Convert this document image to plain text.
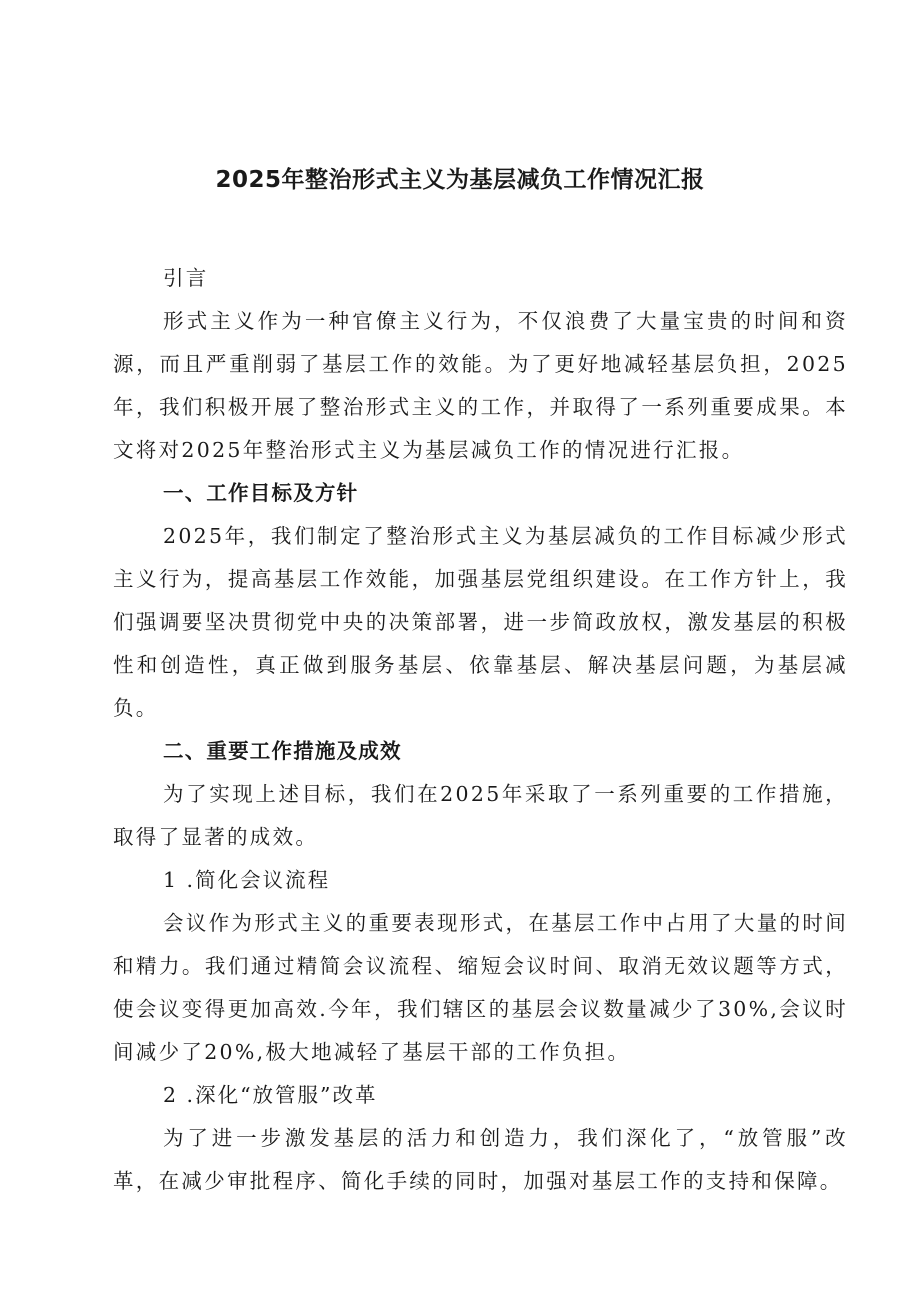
2025年整治形式主义为基层减负工作情况汇报

引言

形式主义作为一种官僚主义行为，不仅浪费了大量宝贵的时间和资源，而且严重削弱了基层工作的效能。为了更好地减轻基层负担，2025年，我们积极开展了整治形式主义的工作，并取得了一系列重要成果。本文将对2025年整治形式主义为基层减负工作的情况进行汇报。

一、工作目标及方针

2025年，我们制定了整治形式主义为基层减负的工作目标减少形式主义行为，提高基层工作效能，加强基层党组织建设。在工作方针上，我们强调要坚决贯彻党中央的决策部署，进一步简政放权，激发基层的积极性和创造性，真正做到服务基层、依靠基层、解决基层问题，为基层减负。

二、重要工作措施及成效

为了实现上述目标，我们在2025年采取了一系列重要的工作措施，取得了显著的成效。

1 .简化会议流程

会议作为形式主义的重要表现形式，在基层工作中占用了大量的时间和精力。我们通过精简会议流程、缩短会议时间、取消无效议题等方式，使会议变得更加高效.今年，我们辖区的基层会议数量减少了30%,会议时间减少了20%,极大地减轻了基层干部的工作负担。

2 .深化“放管服”改革

为了进一步激发基层的活力和创造力，我们深化了，“放管服”改革，在减少审批程序、简化手续的同时，加强对基层工作的支持和保障。
